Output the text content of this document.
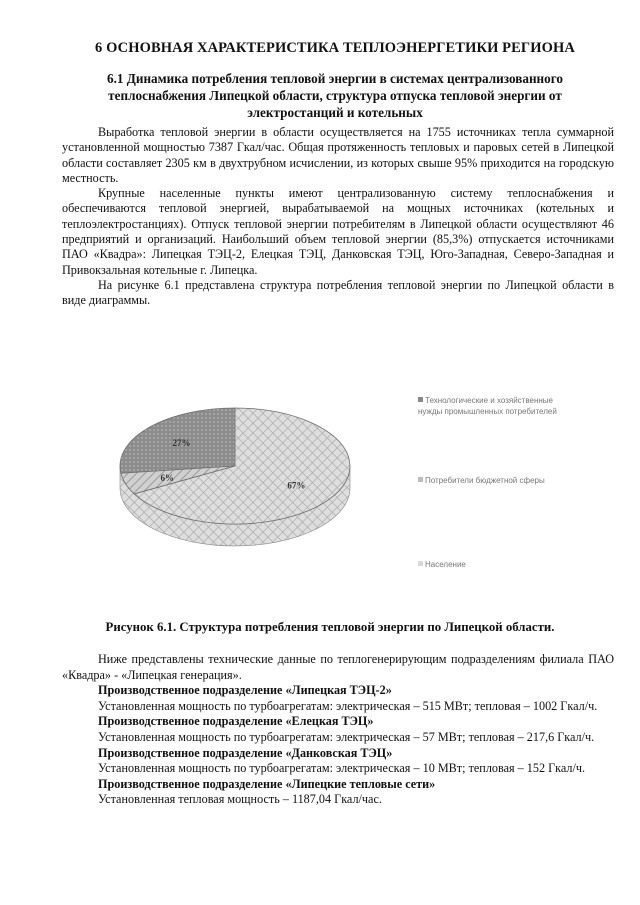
6 ОСНОВНАЯ ХАРАКТЕРИСТИКА ТЕПЛОЭНЕРГЕТИКИ РЕГИОНА
6.1 Динамика потребления тепловой энергии в системах централизованного теплоснабжения Липецкой области, структура отпуска тепловой энергии от электростанций и котельных

Выработка тепловой энергии в области осуществляется на 1755 источниках тепла суммарной установленной мощностью 7387 Гкал/час. Общая протяженность тепловых и паровых сетей в Липецкой области составляет 2305 км в двухтрубном исчислении, из которых свыше 95% приходится на городскую местность.

Крупные населенные пункты имеют централизованную систему теплоснабжения и обеспечиваются тепловой энергией, вырабатываемой на мощных источниках (котельных и теплоэлектростанциях). Отпуск тепловой энергии потребителям в Липецкой области осуществляют 46 предприятий и организаций. Наибольший объем тепловой энергии (85,3%) отпускается источниками ПАО «Квадра»: Липецкая ТЭЦ-2, Елецкая ТЭЦ, Данковская ТЭЦ, Юго-Западная, Северо-Западная и Привокзальная котельные г. Липецка.

На рисунке 6.1 представлена структура потребления тепловой энергии по Липецкой области в виде диаграммы.

27%
6%
67%
Технологические и хозяйственные нужды промышленных потребителей
Потребители бюджетной сферы
Население
Рисунок 6.1. Структура потребления тепловой энергии по Липецкой области.

Ниже представлены технические данные по теплогенерирующим подразделениям филиала ПАО «Квадра» - «Липецкая генерация».

Производственное подразделение «Липецкая ТЭЦ-2»

Установленная мощность по турбоагрегатам: электрическая – 515 МВт; тепловая – 1002 Гкал/ч.

Производственное подразделение «Елецкая ТЭЦ»

Установленная мощность по турбоагрегатам: электрическая – 57 МВт; тепловая – 217,6 Гкал/ч.

Производственное подразделение «Данковская ТЭЦ»

Установленная мощность по турбоагрегатам: электрическая – 10 МВт; тепловая – 152 Гкал/ч.

Производственное подразделение «Липецкие тепловые сети»

Установленная тепловая мощность – 1187,04 Гкал/час.
